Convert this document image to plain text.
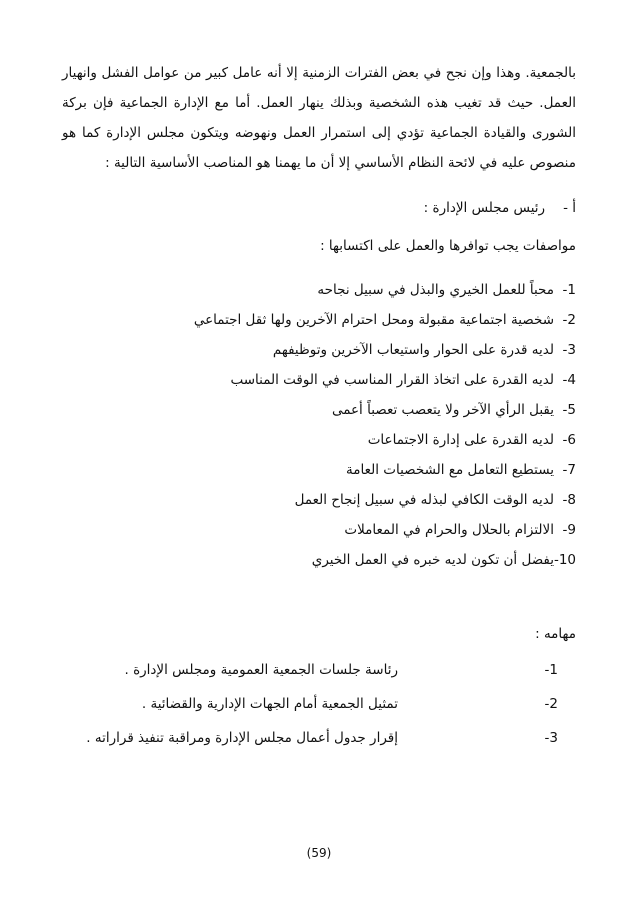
بالجمعية. وهذا وإن نجح في بعض الفترات الزمنية إلا أنه عامل كبير من عوامل الفشل وانهيار العمل. حيث قد تغيب هذه الشخصية وبذلك ينهار العمل. أما مع الإدارة الجماعية فإن بركة الشورى والقيادة الجماعية تؤدي إلى استمرار العمل ونهوضه ويتكون مجلس الإدارة كما هو منصوص عليه في لائحة النظام الأساسي إلا أن ما يهمنا هو المناصب الأساسية التالية :

أ -رئيس مجلس الإدارة :

مواصفات يجب توافرها والعمل على اكتسابها :

1-
محباً للعمل الخيري والبذل في سبيل نجاحه
2-
شخصية اجتماعية مقبولة ومحل احترام الآخرين ولها ثقل اجتماعي
3-
لديه قدرة على الحوار واستيعاب الآخرين وتوظيفهم
4-
لديه القدرة على اتخاذ القرار المناسب في الوقت المناسب
5-
يقبل الرأي الآخر ولا يتعصب تعصباً أعمى
6-
لديه القدرة على إدارة الاجتماعات
7-
يستطيع التعامل مع الشخصيات العامة
8-
لديه الوقت الكافي لبذله في سبيل إنجاح العمل
9-
الالتزام بالحلال والحرام في المعاملات
10-
يفضل أن تكون لديه خبره في العمل الخيري

مهامه :

1-
رئاسة جلسات الجمعية العمومية ومجلس الإدارة .
2-
تمثيل الجمعية أمام الجهات الإدارية والقضائية .
3-
إقرار جدول أعمال مجلس الإدارة ومراقبة تنفيذ قراراته .
(59)
